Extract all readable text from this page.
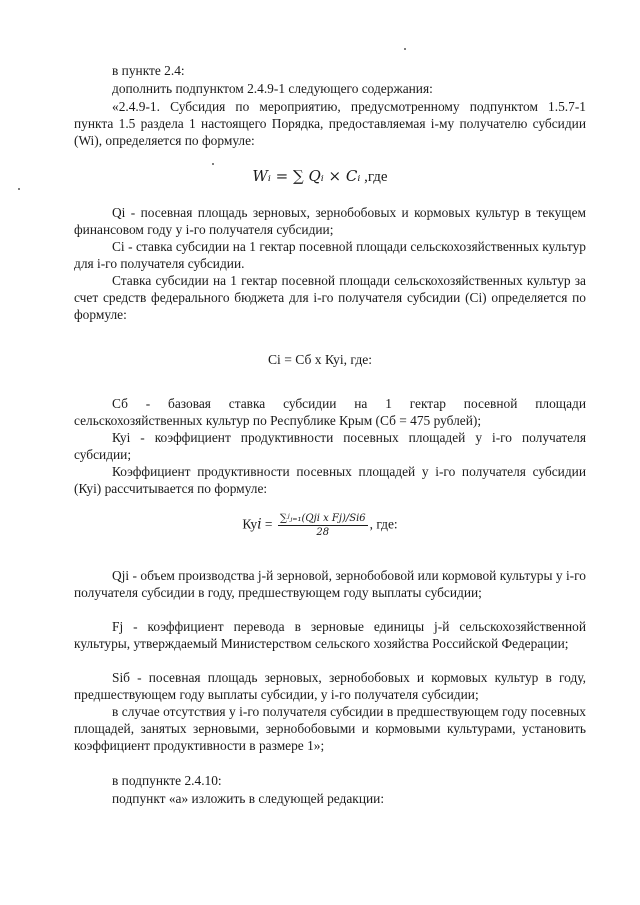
в пункте 2.4:
дополнить подпунктом 2.4.9-1 следующего содержания:
«2.4.9-1. Субсидия по мероприятию, предусмотренному подпунктом 1.5.7-1 пункта 1.5 раздела 1 настоящего Порядка, предоставляемая i-му получателю субсидии (Wi), определяется по формуле:
Wᵢ = ∑ Qᵢ × Cᵢ ,где
Qi - посевная площадь зерновых, зернобобовых и кормовых культур в текущем финансовом году у i-го получателя субсидии;
Ci - ставка субсидии на 1 гектар посевной площади сельскохозяйственных культур для i-го получателя субсидии.
Ставка субсидии на 1 гектар посевной площади сельскохозяйственных культур за счет средств федерального бюджета для i-го получателя субсидии (Ci) определяется по формуле:
Ci = Сб х Куi, где:
Сб - базовая ставка субсидии на 1 гектар посевной площади сельскохозяйственных культур по Республике Крым (Сб = 475 рублей);
Куi - коэффициент продуктивности посевных площадей у i-го получателя субсидии;
Коэффициент продуктивности посевных площадей у i-го получателя субсидии (Куi) рассчитывается по формуле:
Куi = $\frac{\text{∑ʲⱼ₌₁(Qji x Fj)/Si6}}{28}$ , где:
Qji - объем производства j-й зерновой, зернобобовой или кормовой культуры у i-го получателя субсидии в году, предшествующем году выплаты субсидии;
Fj - коэффициент перевода в зерновые единицы j-й сельскохозяйственной культуры, утверждаемый Министерством сельского хозяйства Российской Федерации;
Siб - посевная площадь зерновых, зернобобовых и кормовых культур в году, предшествующем году выплаты субсидии, у i-го получателя субсидии;
в случае отсутствия у i-го получателя субсидии в предшествующем году посевных площадей, занятых зерновыми, зернобобовыми и кормовыми культурами, установить коэффициент продуктивности в размере 1»;
в подпункте 2.4.10:
подпункт «а» изложить в следующей редакции:
